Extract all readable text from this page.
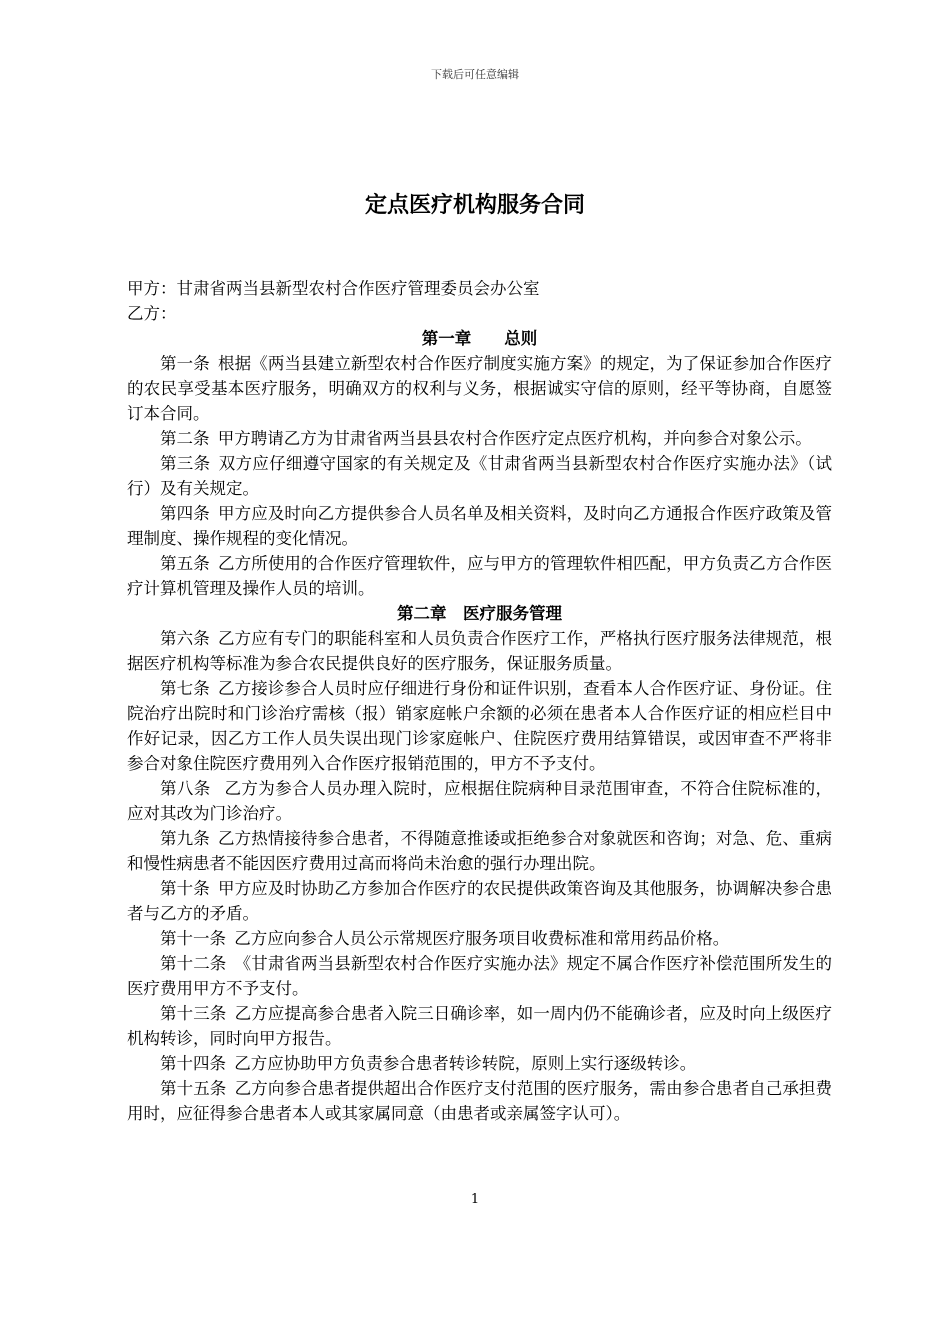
下载后可任意编辑
定点医疗机构服务合同

甲方：甘肃省两当县新型农村合作医疗管理委员会办公室

乙方：

第一章　　总则

第一条 根据《两当县建立新型农村合作医疗制度实施方案》的规定，为了保证参加合作医疗的农民享受基本医疗服务，明确双方的权利与义务，根据诚实守信的原则，经平等协商，自愿签订本合同。

第二条 甲方聘请乙方为甘肃省两当县县农村合作医疗定点医疗机构，并向参合对象公示。

第三条 双方应仔细遵守国家的有关规定及《甘肃省两当县新型农村合作医疗实施办法》（试行）及有关规定。

第四条 甲方应及时向乙方提供参合人员名单及相关资料，及时向乙方通报合作医疗政策及管理制度、操作规程的变化情况。

第五条 乙方所使用的合作医疗管理软件，应与甲方的管理软件相匹配，甲方负责乙方合作医疗计算机管理及操作人员的培训。

第二章　医疗服务管理

第六条 乙方应有专门的职能科室和人员负责合作医疗工作，严格执行医疗服务法律规范，根据医疗机构等标准为参合农民提供良好的医疗服务，保证服务质量。

第七条 乙方接诊参合人员时应仔细进行身份和证件识别，查看本人合作医疗证、身份证。住院治疗出院时和门诊治疗需核（报）销家庭帐户余额的必须在患者本人合作医疗证的相应栏目中作好记录，因乙方工作人员失误出现门诊家庭帐户、住院医疗费用结算错误，或因审查不严将非参合对象住院医疗费用列入合作医疗报销范围的，甲方不予支付。

第八条 乙方为参合人员办理入院时，应根据住院病种目录范围审查，不符合住院标准的，应对其改为门诊治疗。

第九条 乙方热情接待参合患者，不得随意推诿或拒绝参合对象就医和咨询；对急、危、重病和慢性病患者不能因医疗费用过高而将尚未治愈的强行办理出院。

第十条 甲方应及时协助乙方参加合作医疗的农民提供政策咨询及其他服务，协调解决参合患者与乙方的矛盾。

第十一条 乙方应向参合人员公示常规医疗服务项目收费标准和常用药品价格。

第十二条 《甘肃省两当县新型农村合作医疗实施办法》规定不属合作医疗补偿范围所发生的医疗费用甲方不予支付。

第十三条 乙方应提高参合患者入院三日确诊率，如一周内仍不能确诊者，应及时向上级医疗机构转诊，同时向甲方报告。

第十四条 乙方应协助甲方负责参合患者转诊转院，原则上实行逐级转诊。

第十五条 乙方向参合患者提供超出合作医疗支付范围的医疗服务，需由参合患者自己承担费用时，应征得参合患者本人或其家属同意（由患者或亲属签字认可）。

1
